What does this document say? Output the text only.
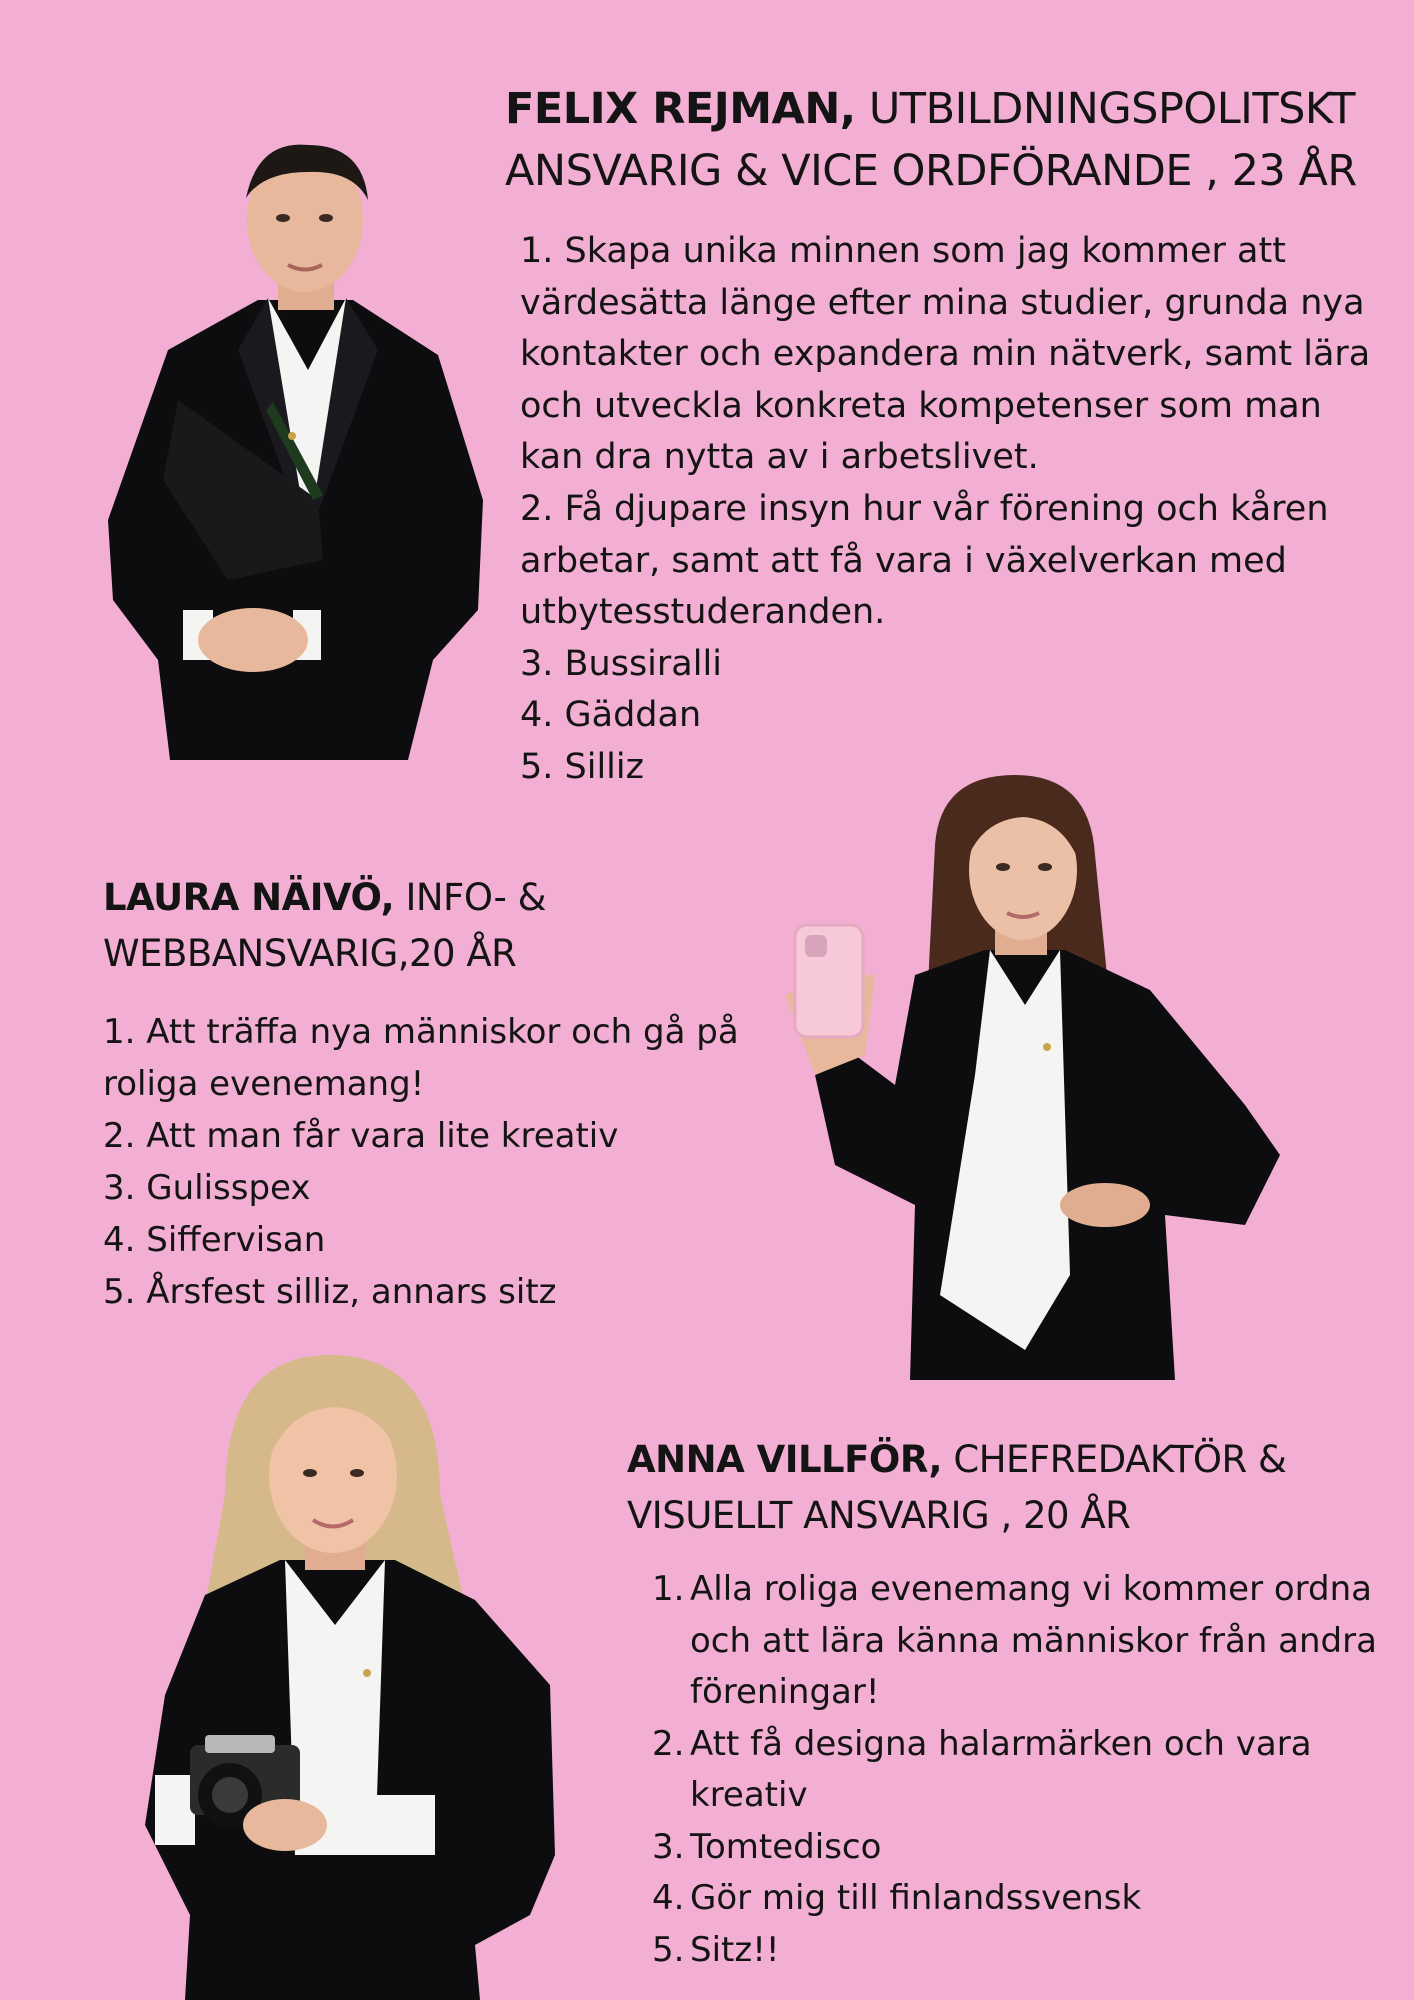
FELIX REJMAN, UTBILDNINGSPOLITSKT ANSVARIG & VICE ORDFÖRANDE , 23 ÅR
1. Skapa unika minnen som jag kommer att värdesätta länge efter mina studier, grunda nya kontakter och expandera min nätverk, samt lära och utveckla konkreta kompetenser som man kan dra nytta av i arbetslivet.
2. Få djupare insyn hur vår förening och kåren arbetar, samt att få vara i växelverkan med utbytesstuderanden.
3. Bussiralli
4. Gäddan
5. Silliz
LAURA NÄIVÖ, INFO- & WEBBANSVARIG,20 ÅR
1. Att träffa nya människor och gå på roliga evenemang!
2. Att man får vara lite kreativ
3. Gulisspex
4. Siffervisan
5. Årsfest silliz, annars sitz
ANNA VILLFÖR, CHEFREDAKTÖR & VISUELLT ANSVARIG , 20 ÅR
1. Alla roliga evenemang vi kommer ordna och att lära känna människor från andra föreningar!
2. Att få designa halarmärken och vara kreativ
3. Tomtedisco
4. Gör mig till finlandssvensk
5. Sitz!!
